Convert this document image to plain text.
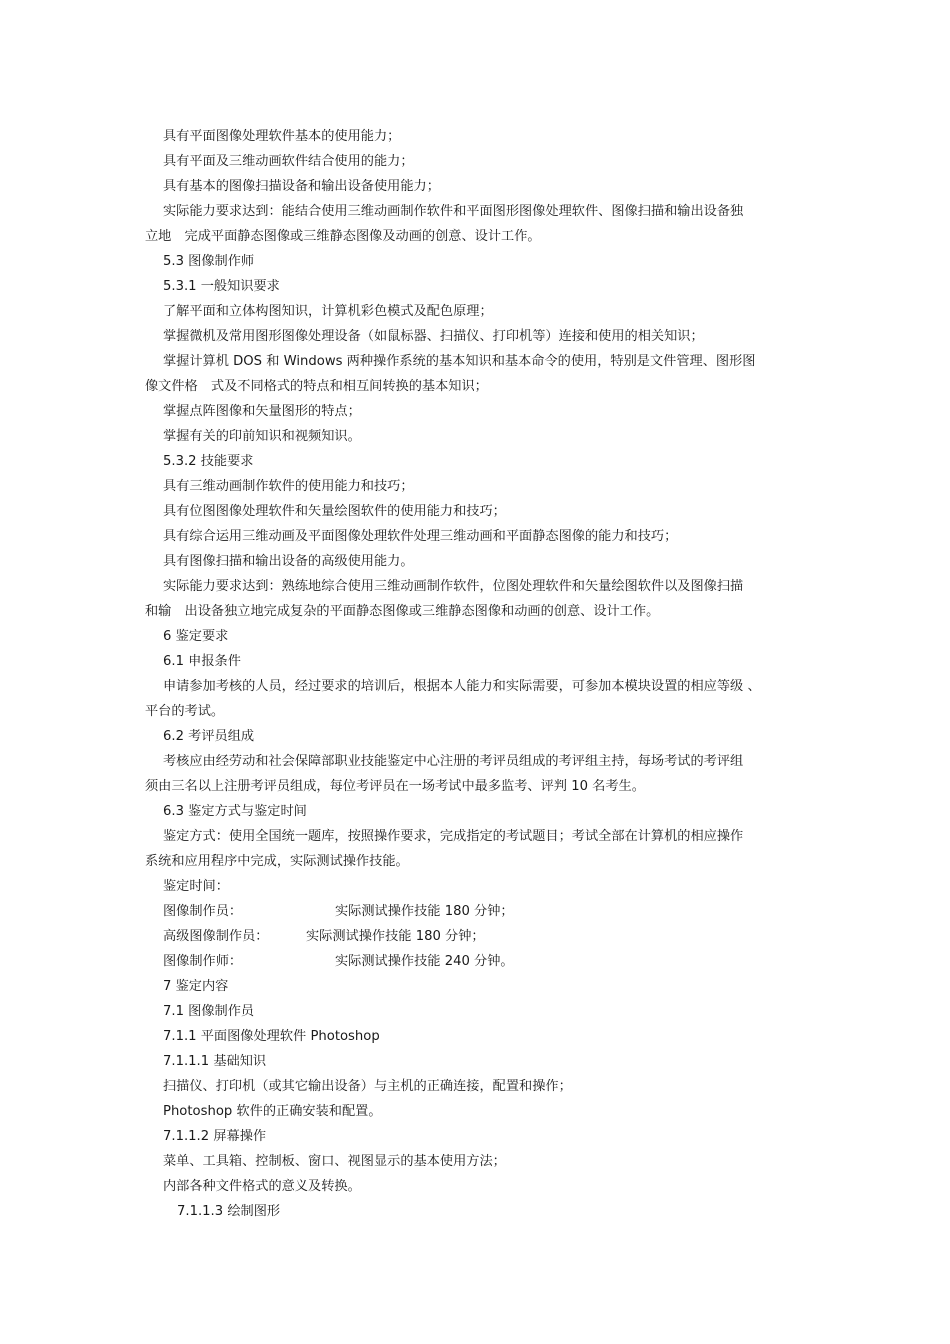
具有平面图像处理软件基本的使用能力；
具有平面及三维动画软件结合使用的能力；
具有基本的图像扫描设备和输出设备使用能力；
实际能力要求达到：能结合使用三维动画制作软件和平面图形图像处理软件、图像扫描和输出设备独
立地　完成平面静态图像或三维静态图像及动画的创意、设计工作。
5.3 图像制作师
5.3.1 一般知识要求
了解平面和立体构图知识，计算机彩色模式及配色原理；
掌握微机及常用图形图像处理设备（如鼠标器、扫描仪、打印机等）连接和使用的相关知识；
掌握计算机 DOS 和 Windows 两种操作系统的基本知识和基本命令的使用，特别是文件管理、图形图
像文件格　式及不同格式的特点和相互间转换的基本知识；
掌握点阵图像和矢量图形的特点；
掌握有关的印前知识和视频知识。
5.3.2 技能要求
具有三维动画制作软件的使用能力和技巧；
具有位图图像处理软件和矢量绘图软件的使用能力和技巧；
具有综合运用三维动画及平面图像处理软件处理三维动画和平面静态图像的能力和技巧；
具有图像扫描和输出设备的高级使用能力。
实际能力要求达到：熟练地综合使用三维动画制作软件，位图处理软件和矢量绘图软件以及图像扫描
和输　出设备独立地完成复杂的平面静态图像或三维静态图像和动画的创意、设计工作。
6 鉴定要求
6.1 申报条件
申请参加考核的人员，经过要求的培训后，根据本人能力和实际需要，可参加本模块设置的相应等级 、
平台的考试。
6.2 考评员组成
考核应由经劳动和社会保障部职业技能鉴定中心注册的考评员组成的考评组主持，每场考试的考评组
须由三名以上注册考评员组成，每位考评员在一场考试中最多监考、评判 10 名考生。
6.3 鉴定方式与鉴定时间
鉴定方式：使用全国统一题库，按照操作要求，完成指定的考试题目；考试全部在计算机的相应操作
系统和应用程序中完成，实际测试操作技能。
鉴定时间：
图像制作员：	实际测试操作技能 180 分钟；
高级图像制作员：	实际测试操作技能 180 分钟；
图像制作师：	实际测试操作技能 240 分钟。
7 鉴定内容
7.1 图像制作员
7.1.1 平面图像处理软件 Photoshop
7.1.1.1 基础知识
扫描仪、打印机（或其它输出设备）与主机的正确连接，配置和操作；
Photoshop 软件的正确安装和配置。
7.1.1.2 屏幕操作
菜单、工具箱、控制板、窗口、视图显示的基本使用方法；
内部各种文件格式的意义及转换。
7.1.1.3 绘制图形
